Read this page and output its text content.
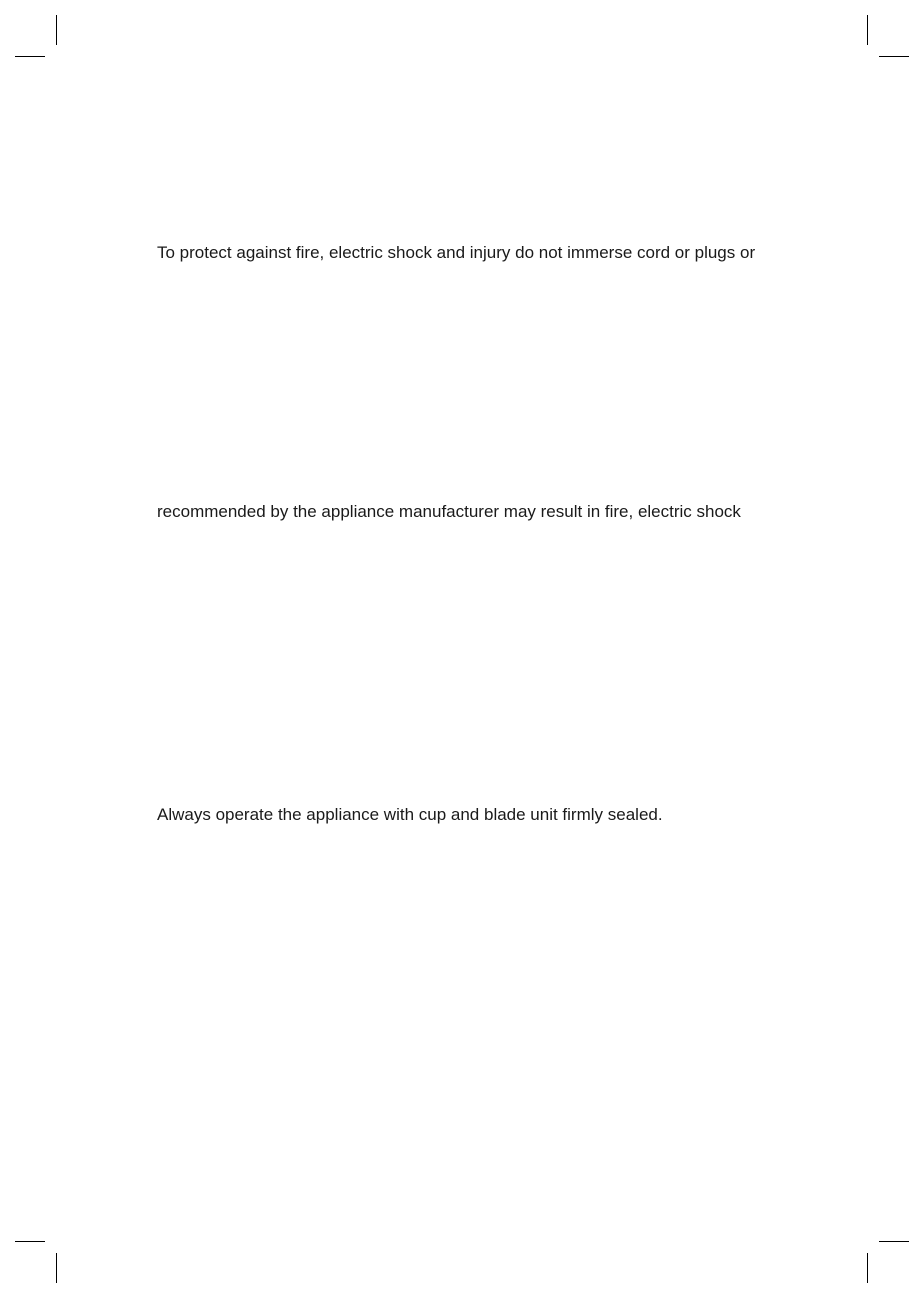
To protect against fire, electric shock and injury do not immerse cord or plugs or

recommended by the appliance manufacturer may result in fire, electric shock

Always operate the appliance with cup and blade unit firmly sealed.
